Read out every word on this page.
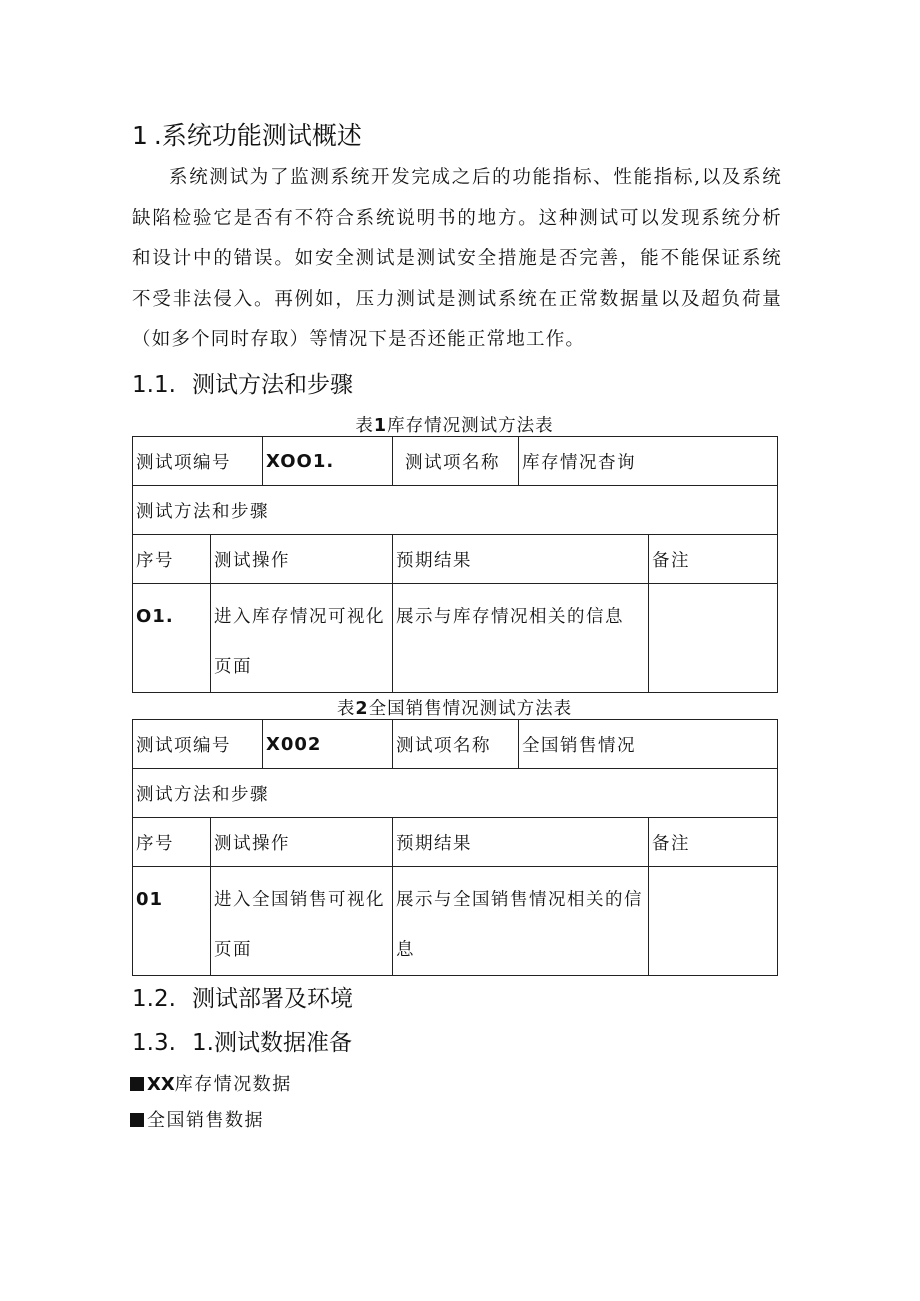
1 .系统功能测试概述

系统测试为了监测系统开发完成之后的功能指标、性能指标,以及系统缺陷检验它是否有不符合系统说明书的地方。这种测试可以发现系统分析和设计中的错误。如安全测试是测试安全措施是否完善，能不能保证系统不受非法侵入。再例如，压力测试是测试系统在正常数据量以及超负荷量（如多个同时存取）等情况下是否还能正常地工作。

1.1. 测试方法和步骤
表1库存情况测试方法表
测试项编号		XOO1.	测试项名称	库存情况杳询	
测试方法和步骤					
序号	测试操作		预期结果		备注
O1.	进入库存情况可视化页面		展示与库存情况相关的信息		
表2全国销售情况测试方法表
测试项编号		X002	测试项名称	全国销售情况	
测试方法和步骤					
序号	测试操作		预期结果		备注
01	进入全国销售可视化页面		展示与全国销售情况相关的信息		
1.2. 测试部署及环境
1.3. 1.测试数据准备
XX库存情况数据
全国销售数据
